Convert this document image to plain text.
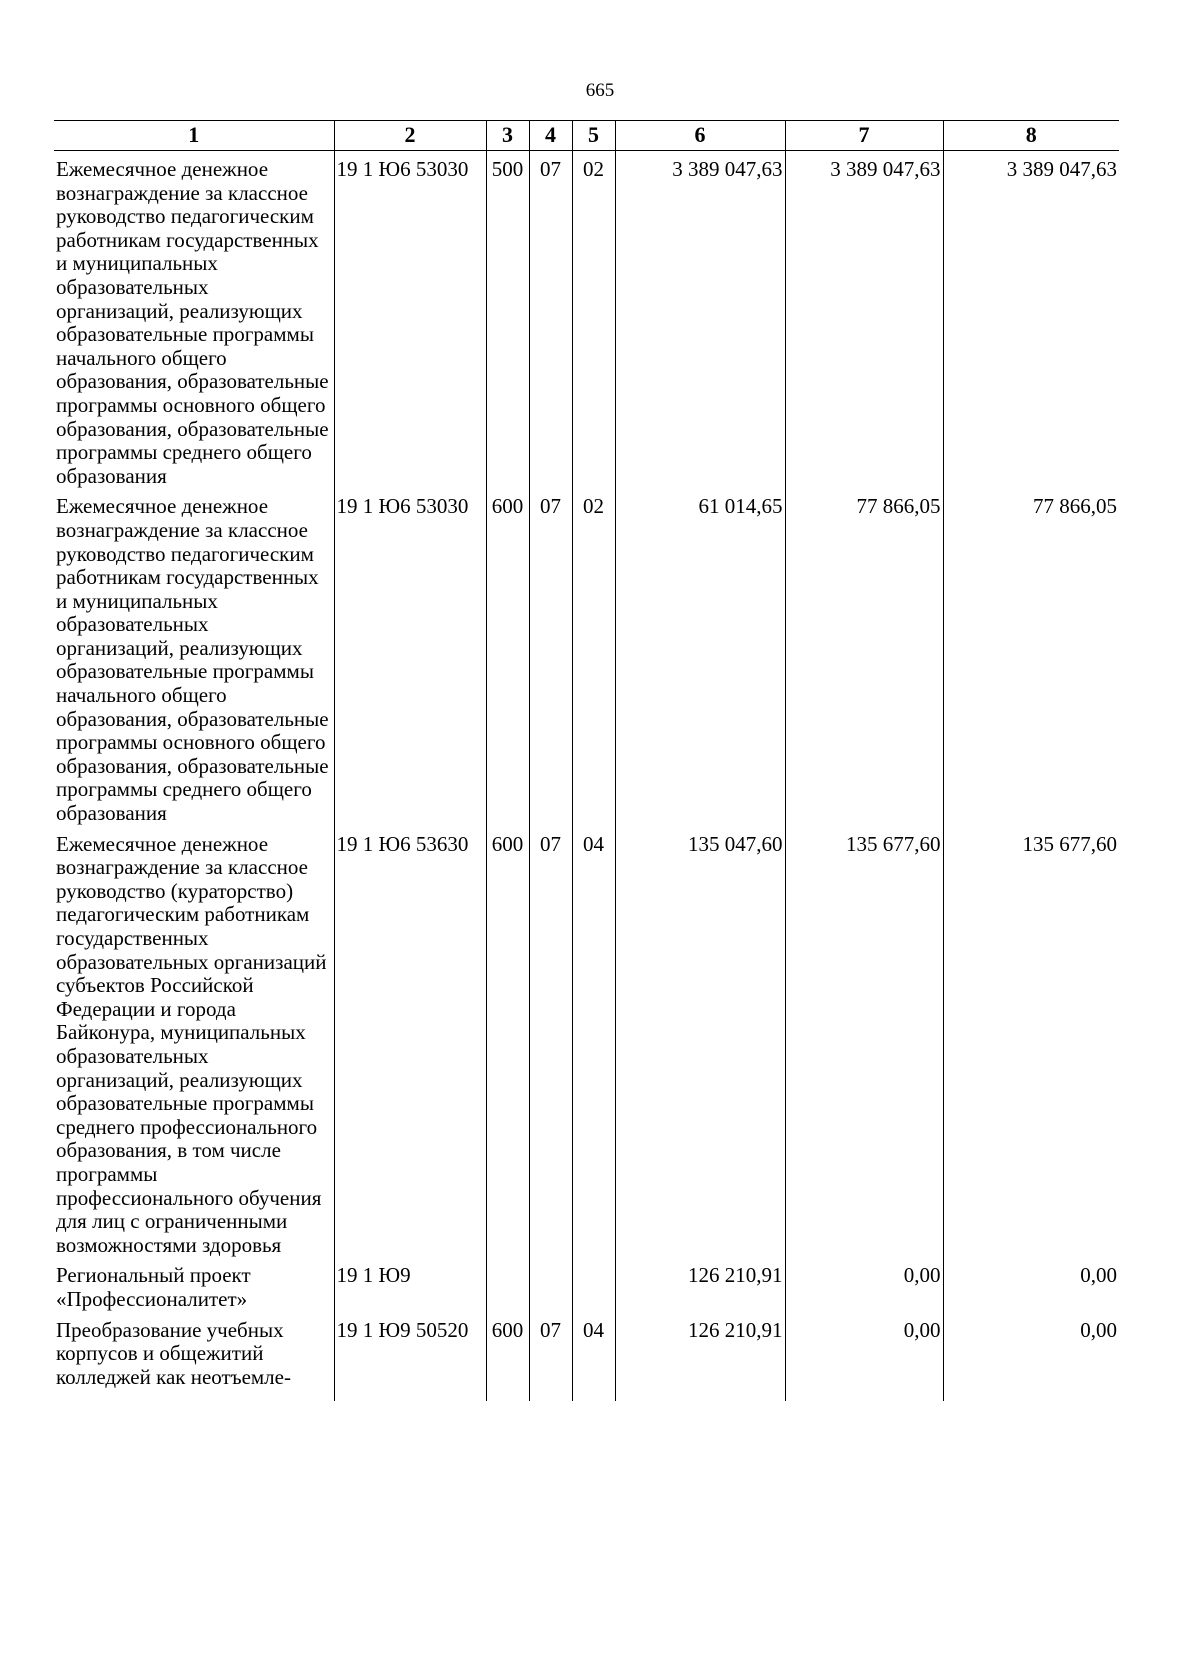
665
1	2	3	4	5	6	7	8
Ежемесячное денежное вознаграждение за классное руководство педагогическим работникам государственных и муниципальных образовательных организаций, реализующих образовательные программы начального общего образования, образовательные программы основного общего образования, образовательные программы среднего общего образования	19 1 Ю6 53030	500	07	02	3 389 047,63	3 389 047,63	3 389 047,63
Ежемесячное денежное вознаграждение за классное руководство педагогическим работникам государственных и муниципальных образовательных организаций, реализующих образовательные программы начального общего образования, образовательные программы основного общего образования, образовательные программы среднего общего образования	19 1 Ю6 53030	600	07	02	61 014,65	77 866,05	77 866,05
Ежемесячное денежное вознаграждение за классное руководство (кураторство) педагогическим работникам государственных образовательных организаций субъектов Российской Федерации и города Байконура, муниципальных образовательных организаций, реализующих образовательные программы среднего профессионального образования, в том числе программы профессионального обучения для лиц с ограниченными возможностями здоровья	19 1 Ю6 53630	600	07	04	135 047,60	135 677,60	135 677,60
Региональный проект «Профессионалитет»	19 1 Ю9				126 210,91	0,00	0,00
Преобразование учебных корпусов и общежитий колледжей как неотъемле-	19 1 Ю9 50520	600	07	04	126 210,91	0,00	0,00
